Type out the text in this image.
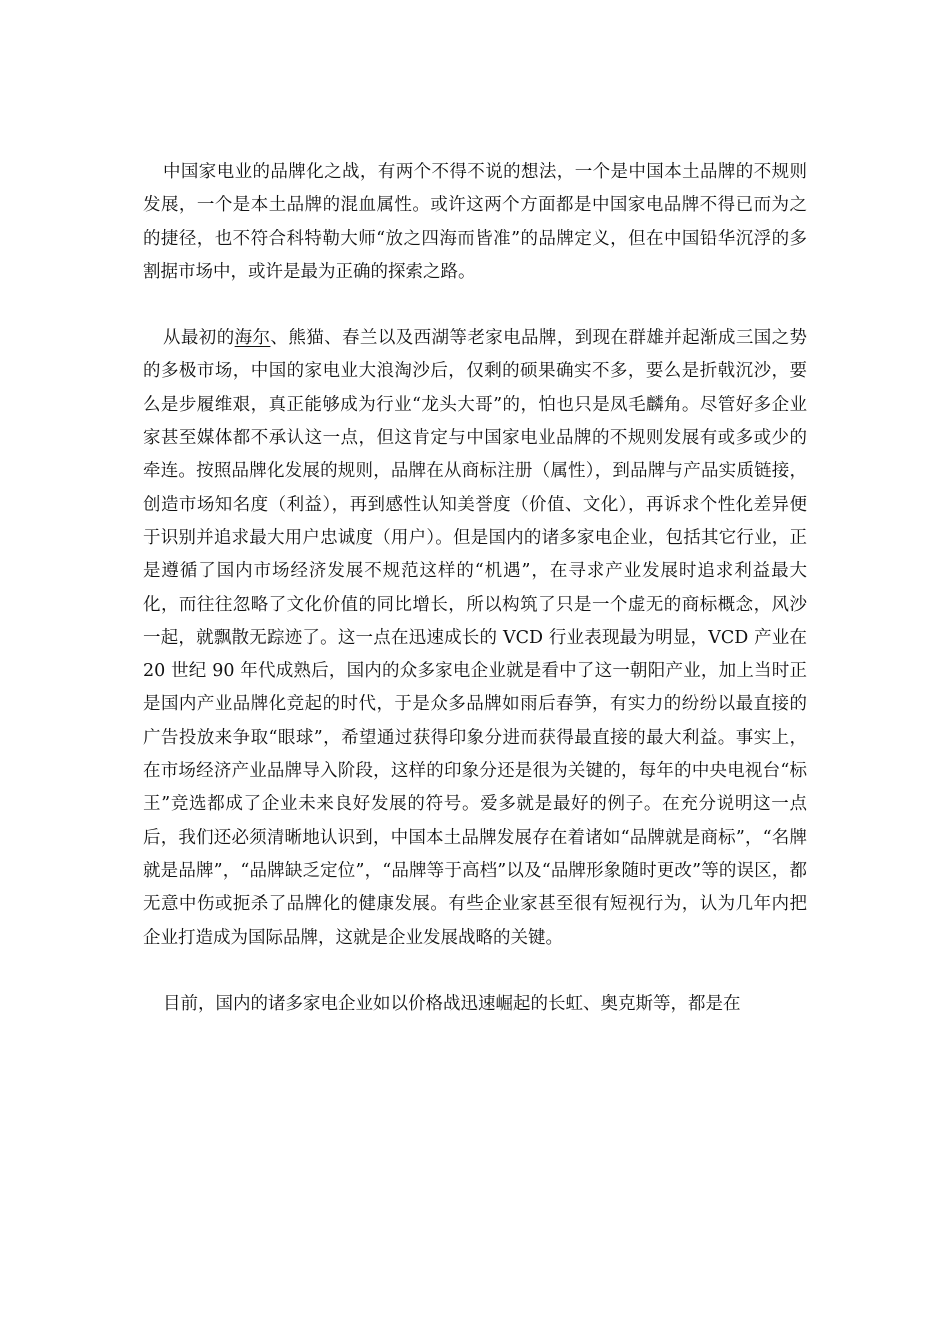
中国家电业的品牌化之战，有两个不得不说的想法，一个是中国本土品牌的不规则发展，一个是本土品牌的混血属性。或许这两个方面都是中国家电品牌不得已而为之的捷径，也不符合科特勒大师“放之四海而皆准”的品牌定义，但在中国铅华沉浮的多割据市场中，或许是最为正确的探索之路。

从最初的海尔、熊猫、春兰以及西湖等老家电品牌，到现在群雄并起渐成三国之势的多极市场，中国的家电业大浪淘沙后，仅剩的硕果确实不多，要么是折戟沉沙，要么是步履维艰，真正能够成为行业“龙头大哥”的，怕也只是凤毛麟角。尽管好多企业家甚至媒体都不承认这一点，但这肯定与中国家电业品牌的不规则发展有或多或少的牵连。按照品牌化发展的规则，品牌在从商标注册（属性），到品牌与产品实质链接，创造市场知名度（利益），再到感性认知美誉度（价值、文化），再诉求个性化差异便于识别并追求最大用户忠诚度（用户）。但是国内的诸多家电企业，包括其它行业，正是遵循了国内市场经济发展不规范这样的“机遇”，在寻求产业发展时追求利益最大化，而往往忽略了文化价值的同比增长，所以构筑了只是一个虚无的商标概念，风沙一起，就飘散无踪迹了。这一点在迅速成长的 VCD 行业表现最为明显，VCD 产业在 20 世纪 90 年代成熟后，国内的众多家电企业就是看中了这一朝阳产业，加上当时正是国内产业品牌化竞起的时代，于是众多品牌如雨后春笋，有实力的纷纷以最直接的广告投放来争取“眼球”，希望通过获得印象分进而获得最直接的最大利益。事实上，在市场经济产业品牌导入阶段，这样的印象分还是很为关键的，每年的中央电视台“标王”竞选都成了企业未来良好发展的符号。爱多就是最好的例子。在充分说明这一点后，我们还必须清晰地认识到，中国本土品牌发展存在着诸如“品牌就是商标”，“名牌就是品牌”，“品牌缺乏定位”，“品牌等于高档”以及“品牌形象随时更改”等的误区，都无意中伤或扼杀了品牌化的健康发展。有些企业家甚至很有短视行为，认为几年内把企业打造成为国际品牌，这就是企业发展战略的关键。

目前，国内的诸多家电企业如以价格战迅速崛起的长虹、奥克斯等，都是在
